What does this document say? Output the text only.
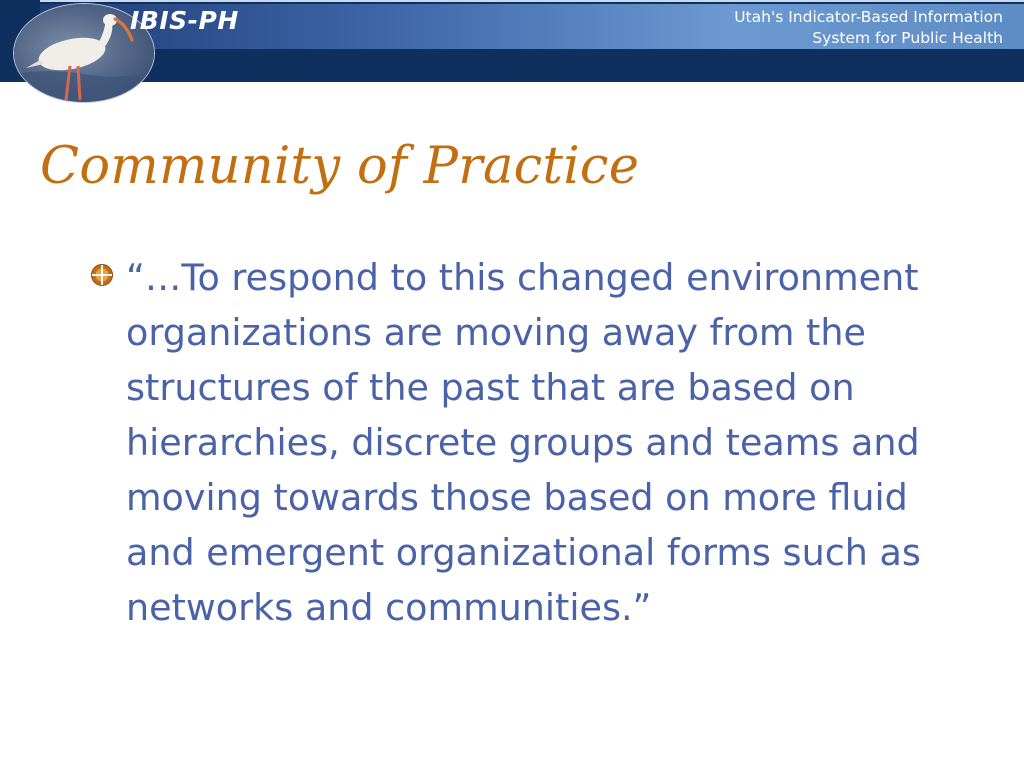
IBIS-PH	Utah's Indicator-Based Information
System for Public Health
Community of Practice

“…To respond to this changed environment organizations are moving away from the structures of the past that are based on hierarchies, discrete groups and teams and moving towards those based on more fluid and emergent organizational forms such as networks and communities.”
